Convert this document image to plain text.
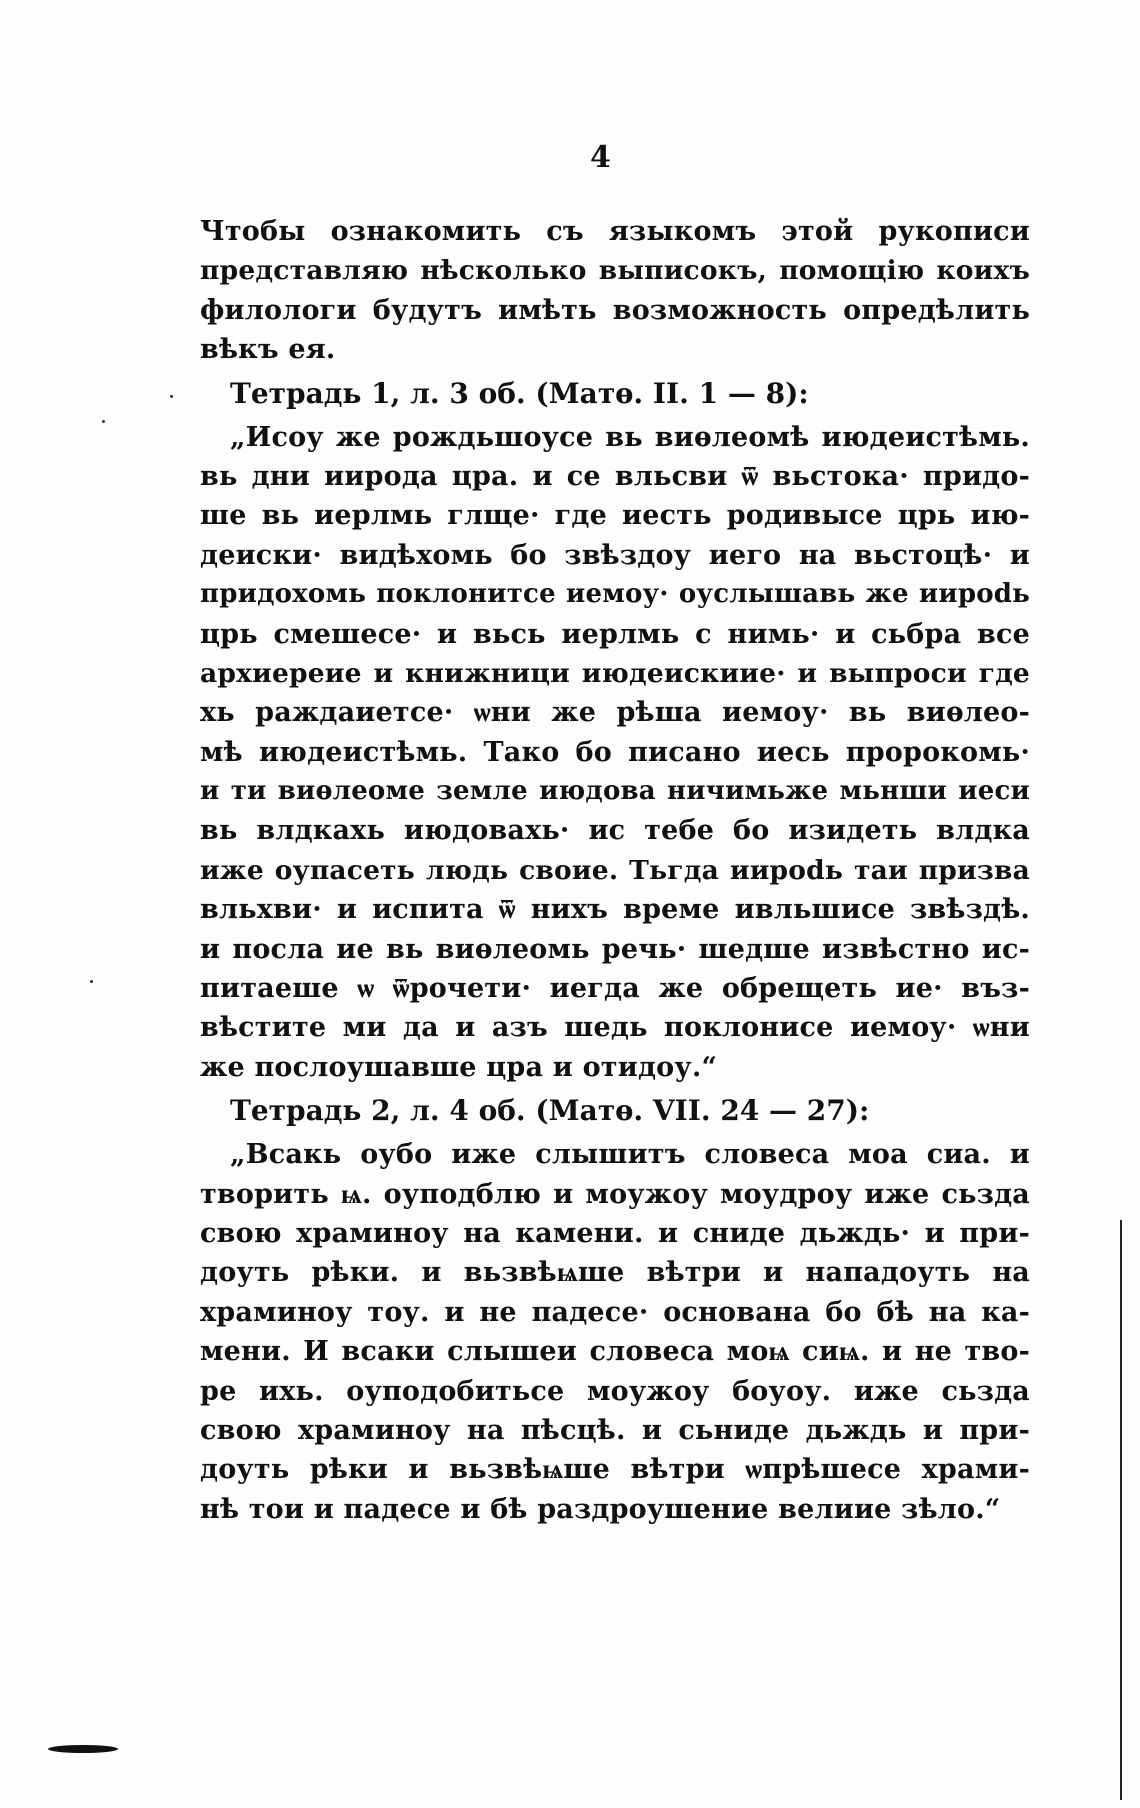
4
Чтобы ознакомить съ языкомъ этой рукописи
представляю нѣсколько выписокъ, помощію коихъ
филологи будутъ имѣть возможность опредѣлить
вѣкъ ея.
Тетрадь 1, л. 3 об. (Матѳ. II. 1 — 8):
„Исоу же рождьшоусе вь виѳлеомѣ июдеистѣмь.
вь дни иирода цра. и се вльсви ѿ вьстока· придо-
ше вь иерлмь глще· где иесть родивысе црь ию-
деиски· видѣхомь бо звѣздоу иего на вьстоцѣ· и
придохомь поклонитсе иемоу· оуслышавь же иирodь
црь смешесе· и вьсь иерлмь с нимь· и сьбра все
архиереие и книжници июдеискиие· и выпроси где
хь раждаиетсе· ѡни же рѣша иемоу· вь виѳлео-
мѣ июдеистѣмь. Тако бо писано иесь пророкомь·
и ти виѳлеоме земле июдова ничимьже мьнши иеси
вь влдкахь июдовахь· ис тебе бо изидеть влдка
иже оупасеть людь своие. Тьгда иирodь таи призва
вльхви· и испита ѿ нихъ време ивльшисе звѣздѣ.
и посла ие вь виѳлеомь речь· шедше извѣстно ис-
питаеше ѡ ѿрочети· иегда же обрещеть ие· въз-
вѣстите ми да и азъ шедь поклонисе иемоу· ѡни
же послоушавше цра и отидоу.“
Тетрадь 2, л. 4 об. (Матѳ. VII. 24 — 27):
„Всакь оубо иже слышитъ словеса моа сиа. и
творить ѩ. оуподблю и моужоу моудроу иже сьзда
свою храминоу на камени. и сниде дьждь· и при-
доуть рѣки. и вьзвѣѩше вѣтри и нападоуть на
храминоу тоу. и не падесе· основана бо бѣ на ка-
мени. И всаки слышеи словеса моѩ сиѩ. и не тво-
ре ихь. оуподобитьсе моужоу боуоу. иже сьзда
свою храминоу на пѣсцѣ. и сьниде дьждь и при-
доуть рѣки и вьзвѣѩше вѣтри ѡпрѣшесе храми-
нѣ тои и падесе и бѣ раздроушение велиие зѣло.“
